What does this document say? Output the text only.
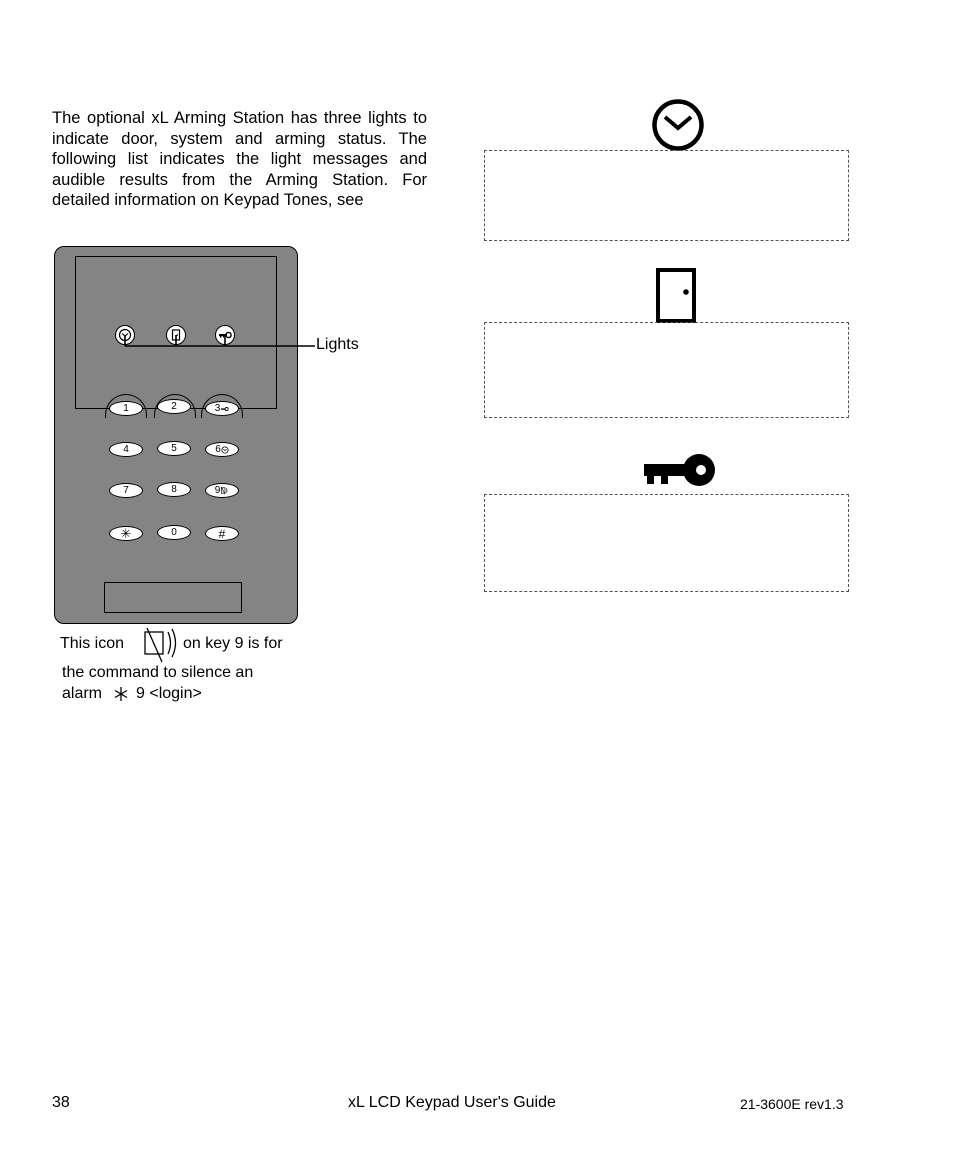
The optional xL Arming Station has three lights to indicate door, system and arming status. The following list indicates the light messages and audible results from the Arming Station. For detailed information on Keypad Tones, see

1	2	3
4	5	6
7	8	9
✳	0	#
Lights
This icon	on key 9 is for
the command to silence an
alarm 9 <login>
38	xL LCD Keypad User's Guide	21-3600E rev1.3
